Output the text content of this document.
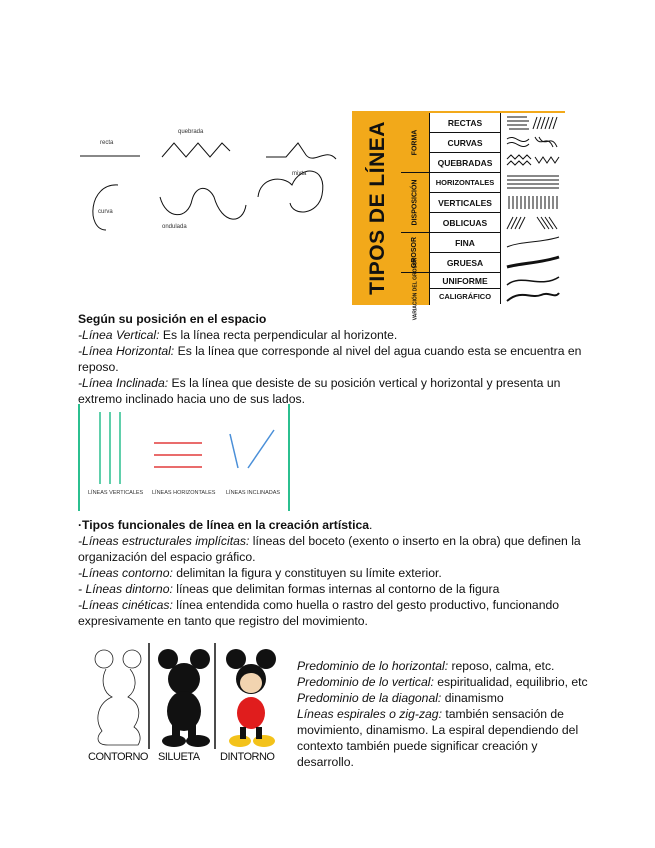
recta
quebrada
mixta
curva
ondulada	TIPOS DE LÍNEA	FORMA
DISPOSICIÓN
GROSOR
VARIACIÓN DEL GROSOR
RECTAS
CURVAS
QUEBRADAS
HORIZONTALES
VERTICALES
OBLICUAS
FINA
GRUESA
UNIFORME
CALIGRÁFICO
Según su posición en el espacio
-Línea Vertical: Es la línea recta perpendicular al horizonte.
-Línea Horizontal: Es la línea que corresponde al nivel del agua cuando esta se encuentra en
reposo.
-Línea Inclinada: Es la línea que desiste de su posición vertical y horizontal y presenta un
extremo inclinado hacia uno de sus lados.
LÍNEAS VERTICALES LÍNEAS HORIZONTALES LÍNEAS INCLINADAS
·Tipos funcionales de línea en la creación artística.
-Líneas estructurales implícitas: líneas del boceto (exento o inserto en la obra) que definen la
organización del espacio gráfico.
-Líneas contorno: delimitan la figura y constituyen su límite exterior.
- Líneas dintorno: líneas que delimitan formas internas al contorno de la figura
-Líneas cinéticas: línea entendida como huella o rastro del gesto productivo, funcionando
expresivamente en tanto que registro del movimiento.
CONTORNO SILUETA DINTORNO
Predominio de lo horizontal: reposo, calma, etc.
Predominio de lo vertical: espiritualidad, equilibrio, etc
Predominio de la diagonal: dinamismo
Líneas espirales o zig-zag: también sensación de
movimiento, dinamismo. La espiral dependiendo del
contexto también puede significar creación y
desarrollo.
